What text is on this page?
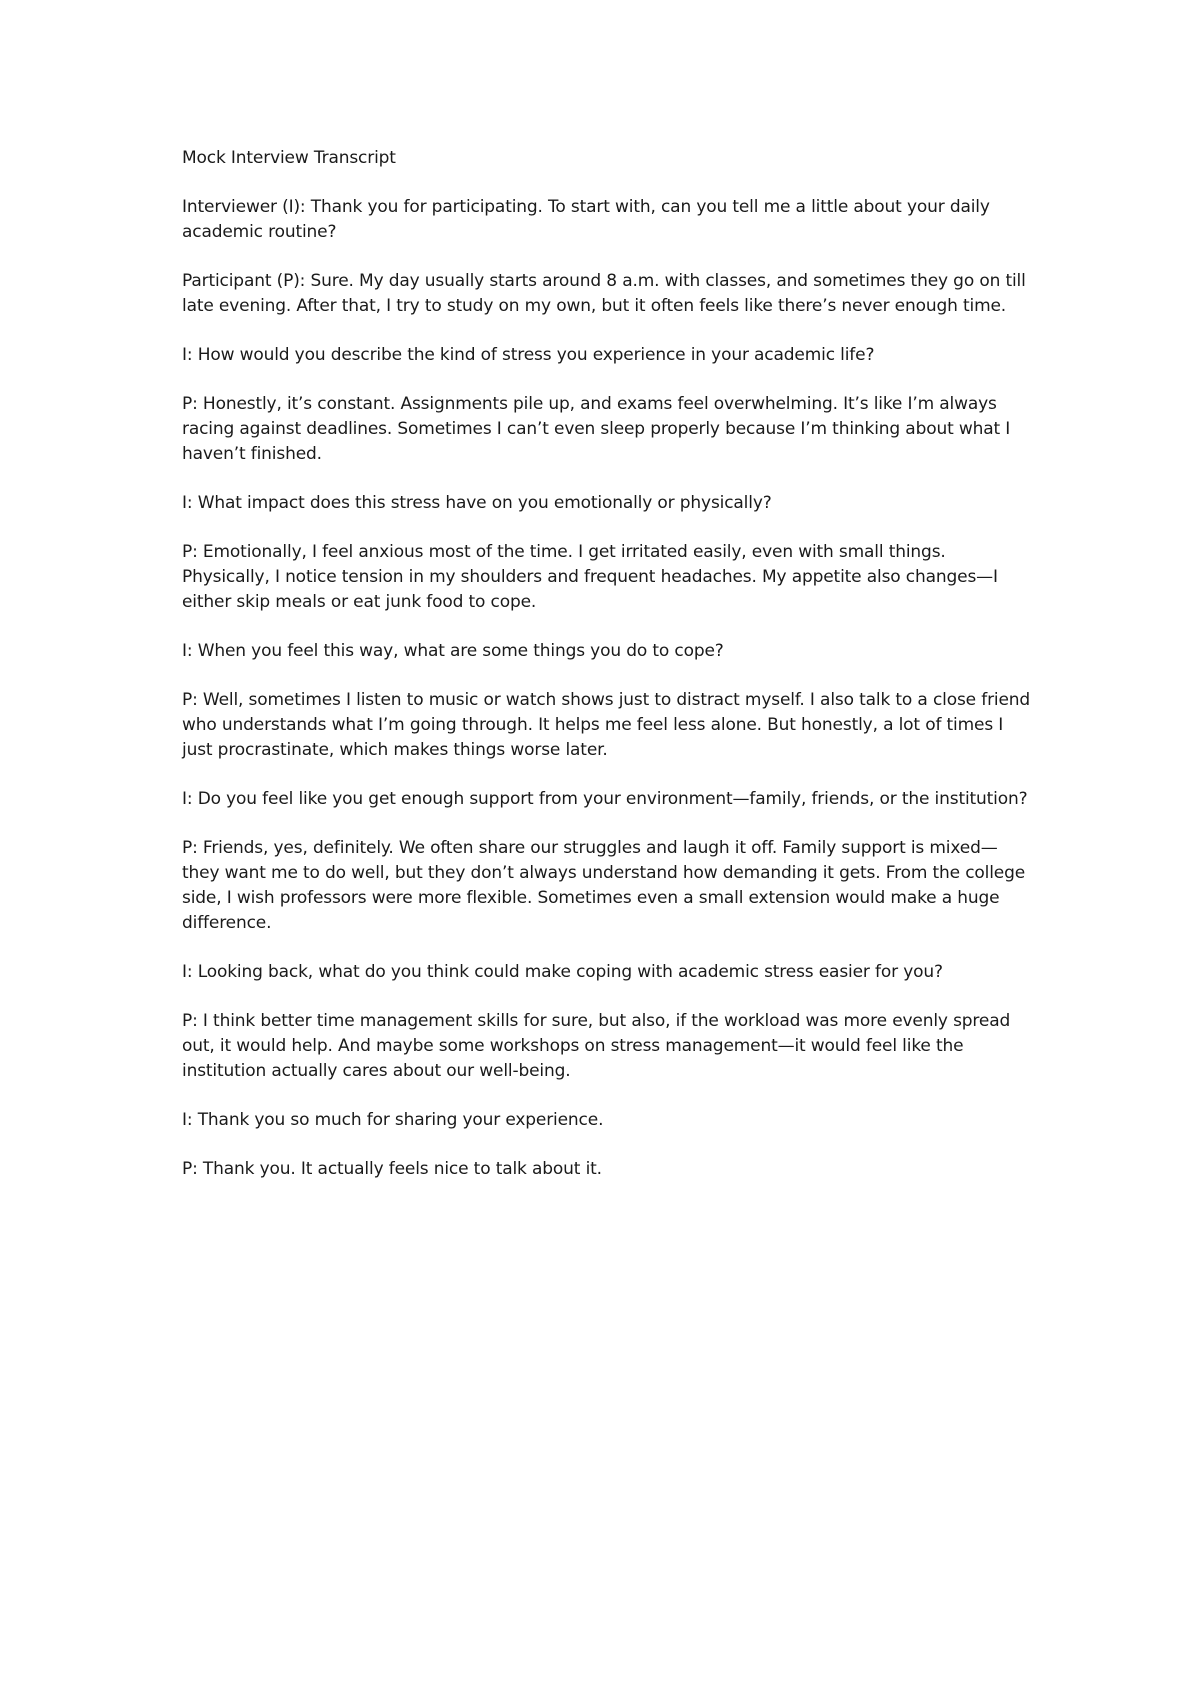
Mock Interview Transcript
Interviewer (I): Thank you for participating. To start with, can you tell me a little about your daily academic routine?
Participant (P): Sure. My day usually starts around 8 a.m. with classes, and sometimes they go on till late evening. After that, I try to study on my own, but it often feels like there’s never enough time.
I: How would you describe the kind of stress you experience in your academic life?
P: Honestly, it’s constant. Assignments pile up, and exams feel overwhelming. It’s like I’m always racing against deadlines. Sometimes I can’t even sleep properly because I’m thinking about what I haven’t finished.
I: What impact does this stress have on you emotionally or physically?
P: Emotionally, I feel anxious most of the time. I get irritated easily, even with small things. Physically, I notice tension in my shoulders and frequent headaches. My appetite also changes—I either skip meals or eat junk food to cope.
I: When you feel this way, what are some things you do to cope?
P: Well, sometimes I listen to music or watch shows just to distract myself. I also talk to a close friend who understands what I’m going through. It helps me feel less alone. But honestly, a lot of times I just procrastinate, which makes things worse later.
I: Do you feel like you get enough support from your environment—family, friends, or the institution?
P: Friends, yes, definitely. We often share our struggles and laugh it off. Family support is mixed—they want me to do well, but they don’t always understand how demanding it gets. From the college side, I wish professors were more flexible. Sometimes even a small extension would make a huge difference.
I: Looking back, what do you think could make coping with academic stress easier for you?
P: I think better time management skills for sure, but also, if the workload was more evenly spread out, it would help. And maybe some workshops on stress management—it would feel like the institution actually cares about our well-being.
I: Thank you so much for sharing your experience.
P: Thank you. It actually feels nice to talk about it.
